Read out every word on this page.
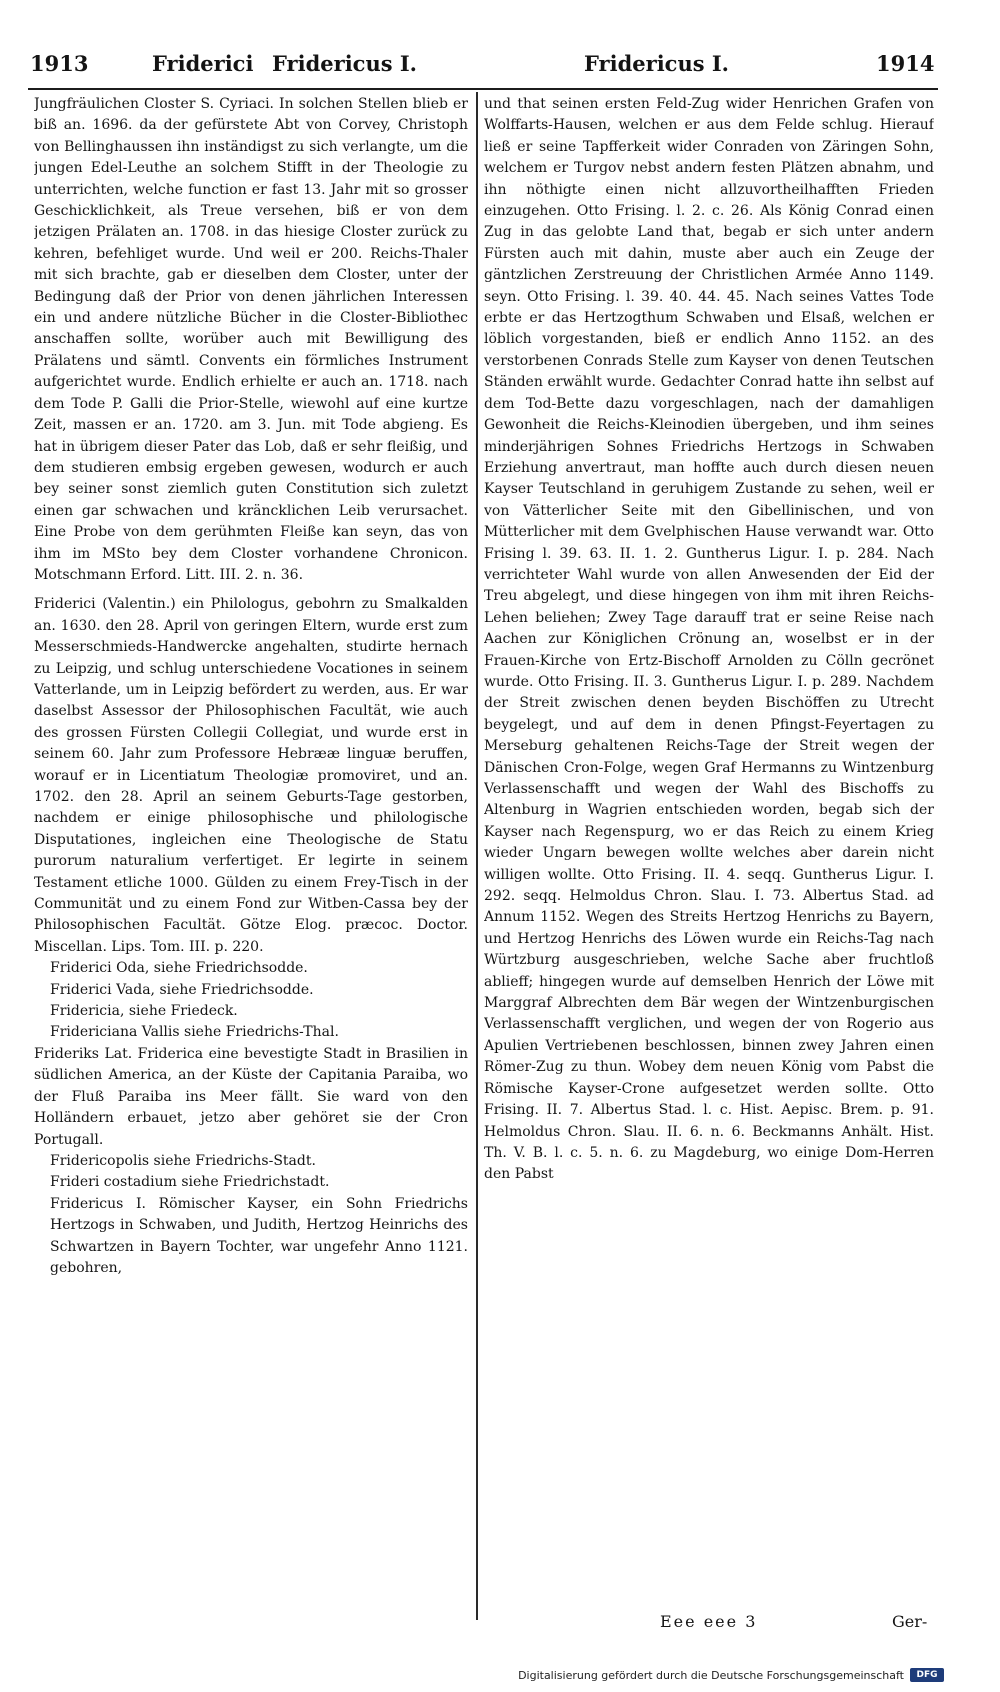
1913	Friderici Fridericus I.	Fridericus I.	1914

Jungfräulichen Closter S. Cyriaci. In solchen Stellen blieb er biß an. 1696. da der gefürstete Abt von Corvey, Christoph von Bellinghaussen ihn inständigst zu sich verlangte, um die jungen Edel-Leuthe an solchem Stifft in der Theologie zu unterrichten, welche function er fast 13. Jahr mit so grosser Geschicklichkeit, als Treue versehen, biß er von dem jetzigen Prälaten an. 1708. in das hiesige Closter zurück zu kehren, befehliget wurde. Und weil er 200. Reichs-Thaler mit sich brachte, gab er dieselben dem Closter, unter der Bedingung daß der Prior von denen jährlichen Interessen ein und andere nützliche Bücher in die Closter-Bibliothec anschaffen sollte, worüber auch mit Bewilligung des Prälatens und sämtl. Convents ein förmliches Instrument aufgerichtet wurde. Endlich erhielte er auch an. 1718. nach dem Tode P. Galli die Prior-Stelle, wiewohl auf eine kurtze Zeit, massen er an. 1720. am 3. Jun. mit Tode abgieng. Es hat in übrigem dieser Pater das Lob, daß er sehr fleißig, und dem studieren embsig ergeben gewesen, wodurch er auch bey seiner sonst ziemlich guten Constitution sich zuletzt einen gar schwachen und kräncklichen Leib verursachet. Eine Probe von dem gerühmten Fleiße kan seyn, das von ihm im MSto bey dem Closter vorhandene Chronicon. Motschmann Erford. Litt. III. 2. n. 36.

Friderici (Valentin.) ein Philologus, gebohrn zu Smalkalden an. 1630. den 28. April von geringen Eltern, wurde erst zum Messerschmieds-Handwercke angehalten, studirte hernach zu Leipzig, und schlug unterschiedene Vocationes in seinem Vatterlande, um in Leipzig befördert zu werden, aus. Er war daselbst Assessor der Philosophischen Facultät, wie auch des grossen Fürsten Collegii Collegiat, und wurde erst in seinem 60. Jahr zum Professore Hebrææ linguæ beruffen, worauf er in Licentiatum Theologiæ promoviret, und an. 1702. den 28. April an seinem Geburts-Tage gestorben, nachdem er einige philosophische und philologische Disputationes, ingleichen eine Theologische de Statu purorum naturalium verfertiget. Er legirte in seinem Testament etliche 1000. Gülden zu einem Frey-Tisch in der Communität und zu einem Fond zur Witben-Cassa bey der Philosophischen Facultät. Götze Elog. præcoc. Doctor. Miscellan. Lips. Tom. III. p. 220.

Friderici Oda, siehe Friedrichsodde.

Friderici Vada, siehe Friedrichsodde.

Fridericia, siehe Friedeck.

Fridericiana Vallis siehe Friedrichs-Thal.

Frideriks Lat. Friderica eine bevestigte Stadt in Brasilien in südlichen America, an der Küste der Capitania Paraiba, wo der Fluß Paraiba ins Meer fällt. Sie ward von den Holländern erbauet, jetzo aber gehöret sie der Cron Portugall.

Fridericopolis siehe Friedrichs-Stadt.

Frideri costadium siehe Friedrichstadt.

Fridericus I. Römischer Kayser, ein Sohn Friedrichs Hertzogs in Schwaben, und Judith, Hertzog Heinrichs des Schwartzen in Bayern Tochter, war ungefehr Anno 1121. gebohren,

und that seinen ersten Feld-Zug wider Henrichen Grafen von Wolffarts-Hausen, welchen er aus dem Felde schlug. Hierauf ließ er seine Tapfferkeit wider Conraden von Zäringen Sohn, welchem er Turgov nebst andern festen Plätzen abnahm, und ihn nöthigte einen nicht allzuvortheilhafften Frieden einzugehen. Otto Frising. l. 2. c. 26. Als König Conrad einen Zug in das gelobte Land that, begab er sich unter andern Fürsten auch mit dahin, muste aber auch ein Zeuge der gäntzlichen Zerstreuung der Christlichen Armée Anno 1149. seyn. Otto Frising. l. 39. 40. 44. 45. Nach seines Vattes Tode erbte er das Hertzogthum Schwaben und Elsaß, welchen er löblich vorgestanden, bieß er endlich Anno 1152. an des verstorbenen Conrads Stelle zum Kayser von denen Teutschen Ständen erwählt wurde. Gedachter Conrad hatte ihn selbst auf dem Tod-Bette dazu vorgeschlagen, nach der damahligen Gewonheit die Reichs-Kleinodien übergeben, und ihm seines minderjährigen Sohnes Friedrichs Hertzogs in Schwaben Erziehung anvertraut, man hoffte auch durch diesen neuen Kayser Teutschland in geruhigem Zustande zu sehen, weil er von Vätterlicher Seite mit den Gibellinischen, und von Mütterlicher mit dem Gvelphischen Hause verwandt war. Otto Frising l. 39. 63. II. 1. 2. Guntherus Ligur. I. p. 284. Nach verrichteter Wahl wurde von allen Anwesenden der Eid der Treu abgelegt, und diese hingegen von ihm mit ihren Reichs-Lehen beliehen; Zwey Tage darauff trat er seine Reise nach Aachen zur Königlichen Crönung an, woselbst er in der Frauen-Kirche von Ertz-Bischoff Arnolden zu Cölln gecrönet wurde. Otto Frising. II. 3. Guntherus Ligur. I. p. 289. Nachdem der Streit zwischen denen beyden Bischöffen zu Utrecht beygelegt, und auf dem in denen Pfingst-Feyertagen zu Merseburg gehaltenen Reichs-Tage der Streit wegen der Dänischen Cron-Folge, wegen Graf Hermanns zu Wintzenburg Verlassenschafft und wegen der Wahl des Bischoffs zu Altenburg in Wagrien entschieden worden, begab sich der Kayser nach Regenspurg, wo er das Reich zu einem Krieg wieder Ungarn bewegen wollte welches aber darein nicht willigen wollte. Otto Frising. II. 4. seqq. Guntherus Ligur. I. 292. seqq. Helmoldus Chron. Slau. I. 73. Albertus Stad. ad Annum 1152. Wegen des Streits Hertzog Henrichs zu Bayern, und Hertzog Henrichs des Löwen wurde ein Reichs-Tag nach Würtzburg ausgeschrieben, welche Sache aber fruchtloß ablieff; hingegen wurde auf demselben Henrich der Löwe mit Marggraf Albrechten dem Bär wegen der Wintzenburgischen Verlassenschafft verglichen, und wegen der von Rogerio aus Apulien Vertriebenen beschlossen, binnen zwey Jahren einen Römer-Zug zu thun. Wobey dem neuen König vom Pabst die Römische Kayser-Crone aufgesetzet werden sollte. Otto Frising. II. 7. Albertus Stad. l. c. Hist. Aepisc. Brem. p. 91. Helmoldus Chron. Slau. II. 6. n. 6. Beckmanns Anhält. Hist. Th. V. B. l. c. 5. n. 6. zu Magdeburg, wo einige Dom-Herren den Pabst

Eee eee 3	Ger-
Digitalisierung gefördert durch die Deutsche Forschungsgemeinschaft	DFG
